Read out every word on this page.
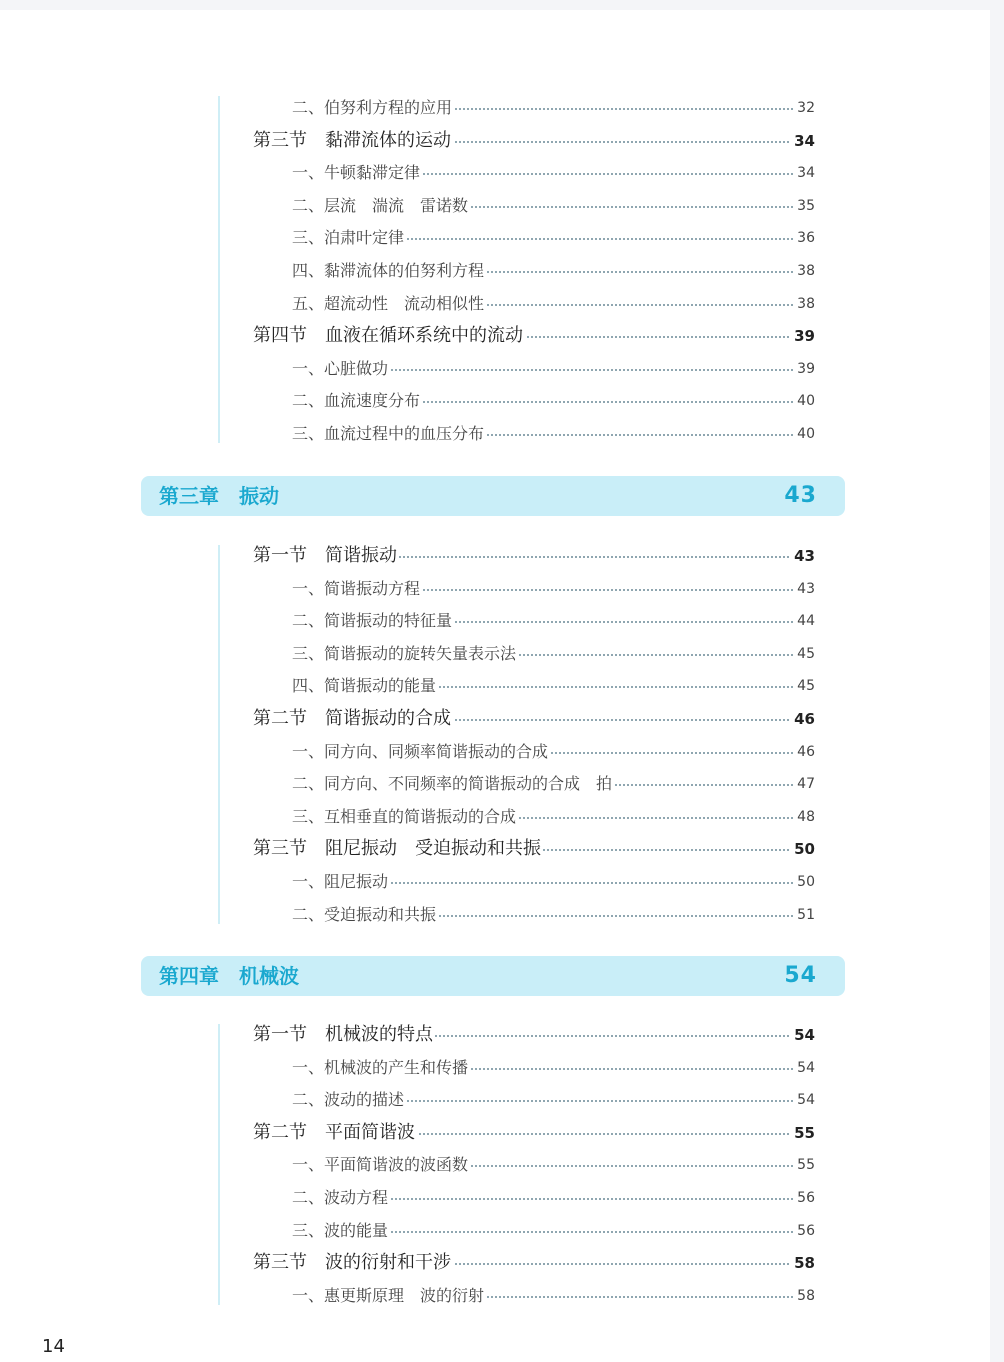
二、伯努利方程的应用	32
第三节　黏滞流体的运动	34
一、牛顿黏滞定律	34
二、层流　湍流　雷诺数	35
三、泊肃叶定律	36
四、黏滞流体的伯努利方程	38
五、超流动性　流动相似性	38
第四节　血液在循环系统中的流动	39
一、心脏做功	39
二、血流速度分布	40
三、血流过程中的血压分布	40
第三章　振动	43
第一节　简谐振动	43
一、简谐振动方程	43
二、简谐振动的特征量	44
三、简谐振动的旋转矢量表示法	45
四、简谐振动的能量	45
第二节　简谐振动的合成	46
一、同方向、同频率简谐振动的合成	46
二、同方向、不同频率的简谐振动的合成　拍	47
三、互相垂直的简谐振动的合成	48
第三节　阻尼振动　受迫振动和共振	50
一、阻尼振动	50
二、受迫振动和共振	51
第四章　机械波	54
第一节　机械波的特点	54
一、机械波的产生和传播	54
二、波动的描述	54
第二节　平面简谐波	55
一、平面简谐波的波函数	55
二、波动方程	56
三、波的能量	56
第三节　波的衍射和干涉	58
一、惠更斯原理　波的衍射	58
14
